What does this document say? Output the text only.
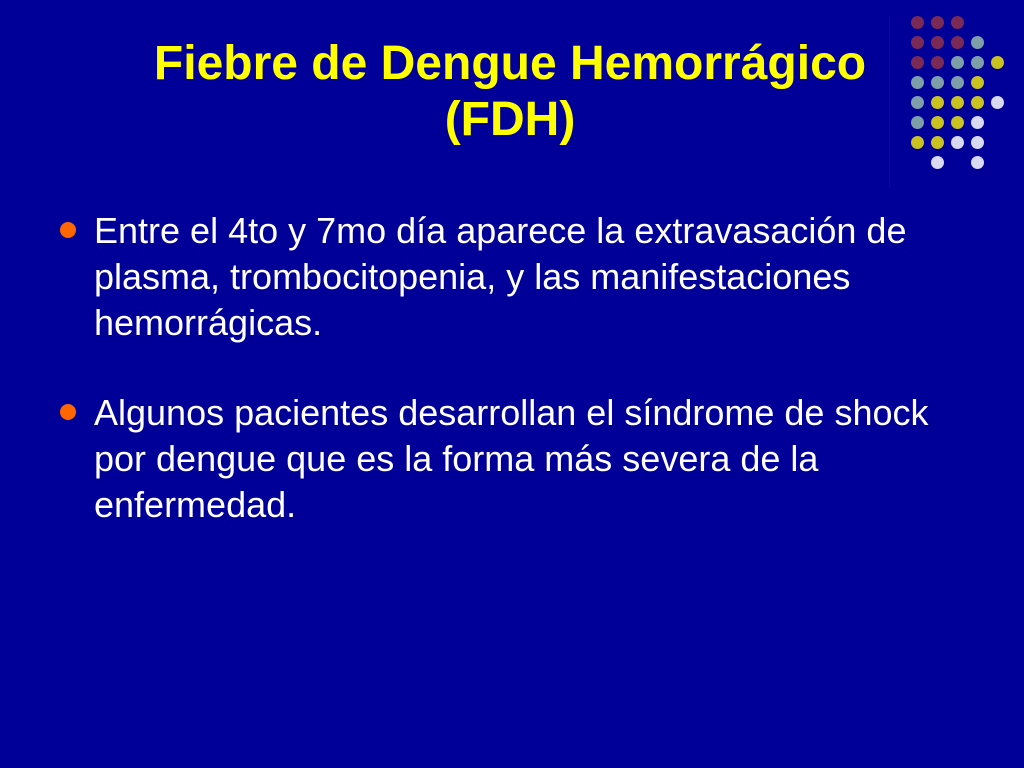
Fiebre de Dengue Hemorrágico
(FDH)
Entre el 4to y 7mo día aparece la extravasación de plasma, trombocitopenia, y las manifestaciones hemorrágicas.
Algunos pacientes desarrollan el síndrome de shock por dengue que es la forma más severa de la enfermedad.
